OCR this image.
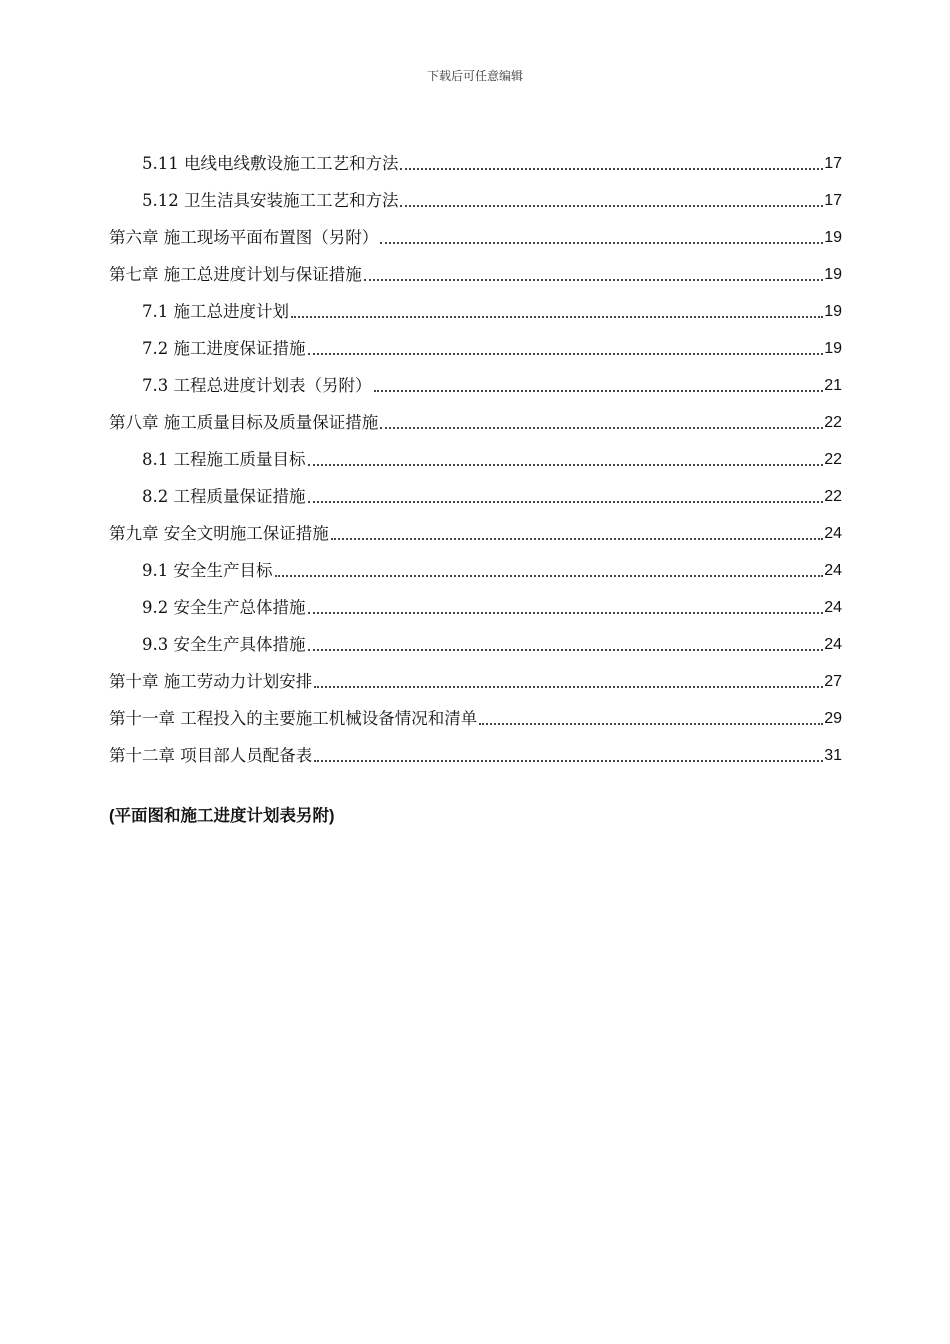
下载后可任意编辑
5.11 电线电线敷设施工工艺和方法	17
5.12 卫生洁具安装施工工艺和方法	17
第六章 施工现场平面布置图（另附）	19
第七章 施工总进度计划与保证措施	19
7.1 施工总进度计划	19
7.2 施工进度保证措施	19
7.3 工程总进度计划表（另附）	21
第八章 施工质量目标及质量保证措施	22
8.1 工程施工质量目标	22
8.2 工程质量保证措施	22
第九章 安全文明施工保证措施	24
9.1 安全生产目标	24
9.2 安全生产总体措施	24
9.3 安全生产具体措施	24
第十章 施工劳动力计划安排	27
第十一章 工程投入的主要施工机械设备情况和清单	29
第十二章 项目部人员配备表	31
(平面图和施工进度计划表另附)
